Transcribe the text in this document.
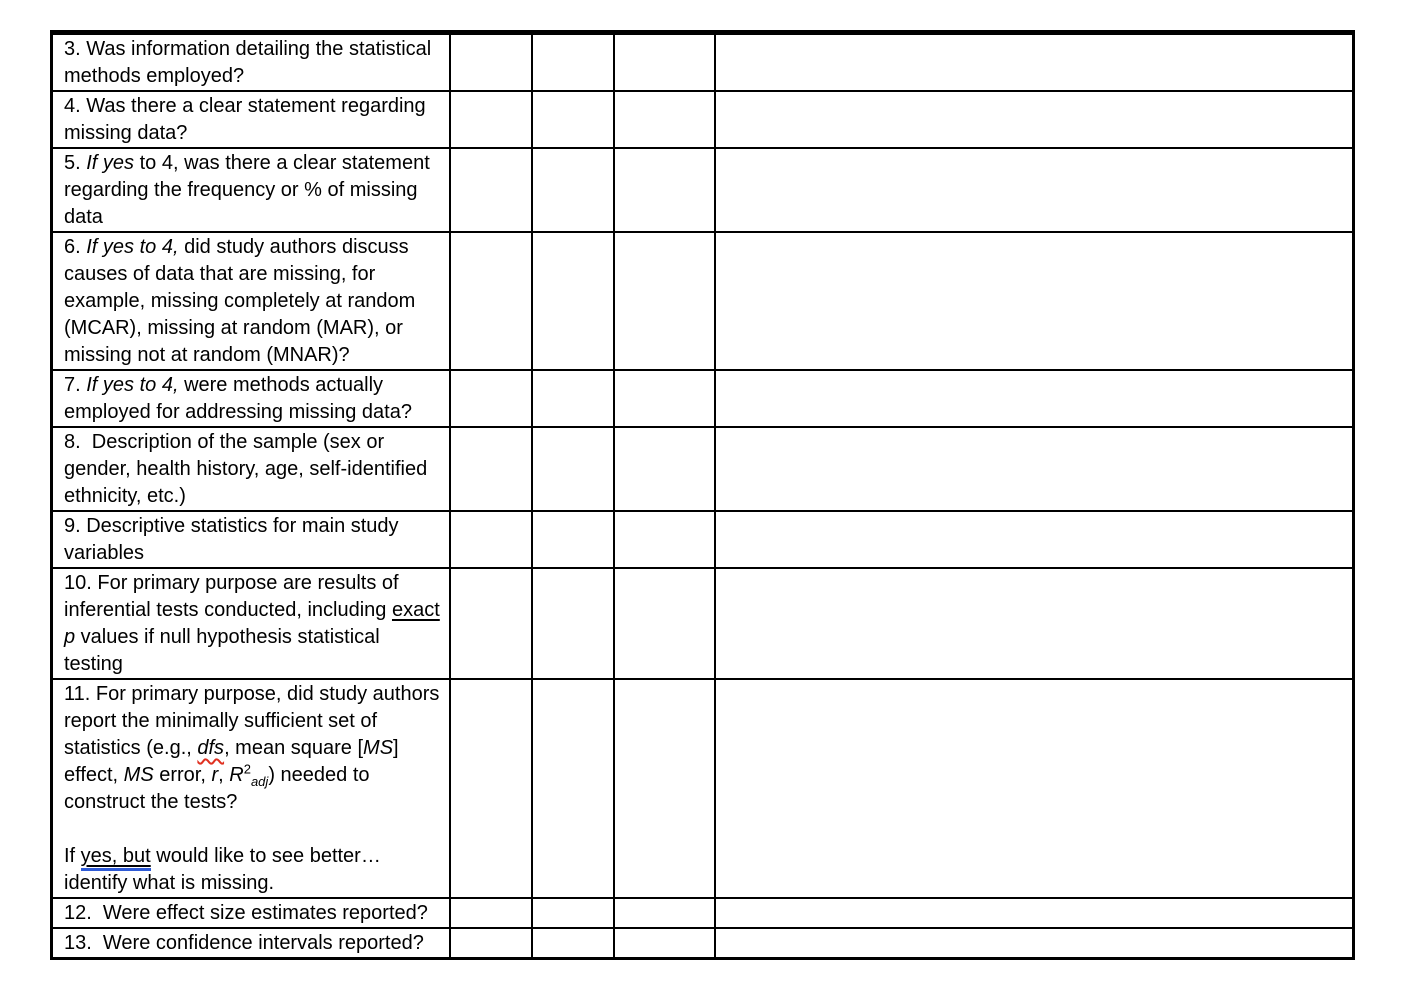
3. Was information detailing the statistical methods employed?				

4. Was there a clear statement regarding missing data?				

5. If yes to 4, was there a clear statement regarding the frequency or % of missing data				

6. If yes to 4, did study authors discuss causes of data that are missing, for example, missing completely at random (MCAR), missing at random (MAR), or missing not at random (MNAR)?				

7. If yes to 4, were methods actually employed for addressing missing data?				

8.  Description of the sample (sex or gender, health history, age, self-identified ethnicity, etc.)				

9. Descriptive statistics for main study variables				

10. For primary purpose are results of inferential tests conducted, including exact p values if null hypothesis statistical testing				

11. For primary purpose, did study authors report the minimally sufficient set of statistics (e.g., dfs, mean square [MS] effect, MS error, r, $R^2_{adj}$) needed to construct the tests?

If yes, but would like to see better…identify what is missing.				

12.  Were effect size estimates reported?				

13.  Were confidence intervals reported?				
